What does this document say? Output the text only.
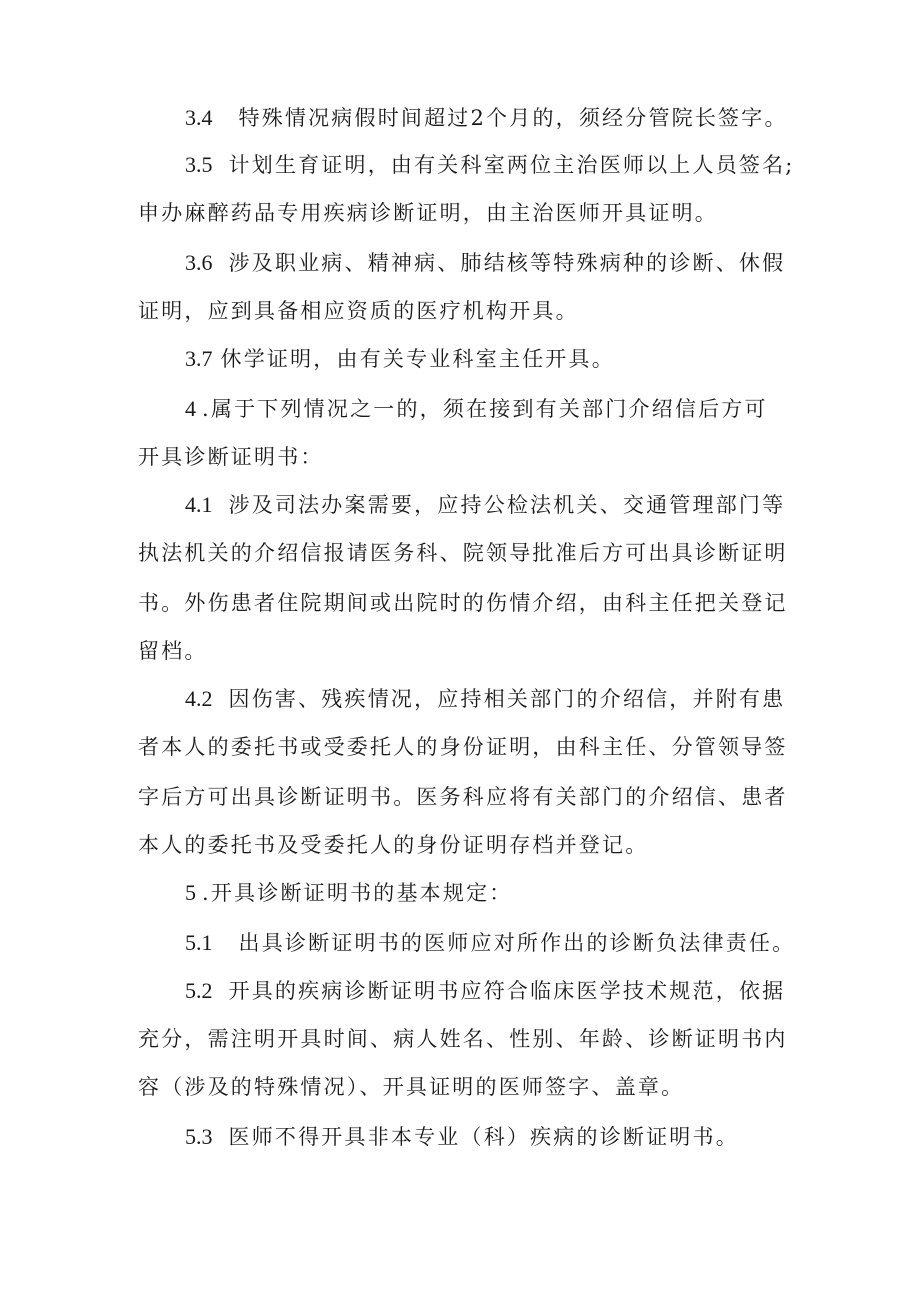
3.4 特殊情况病假时间超过2个月的，须经分管院长签字。
3.5 计划生育证明，由有关科室两位主治医师以上人员签名;
申办麻醉药品专用疾病诊断证明，由主治医师开具证明。
3.6 涉及职业病、精神病、肺结核等特殊病种的诊断、休假
证明，应到具备相应资质的医疗机构开具。
3.7 休学证明，由有关专业科室主任开具。
4 .属于下列情况之一的，须在接到有关部门介绍信后方可
开具诊断证明书：
4.1 涉及司法办案需要，应持公检法机关、交通管理部门等
执法机关的介绍信报请医务科、院领导批准后方可出具诊断证明
书。外伤患者住院期间或出院时的伤情介绍，由科主任把关登记
留档。
4.2 因伤害、残疾情况，应持相关部门的介绍信，并附有患
者本人的委托书或受委托人的身份证明，由科主任、分管领导签
字后方可出具诊断证明书。医务科应将有关部门的介绍信、患者
本人的委托书及受委托人的身份证明存档并登记。
5 .开具诊断证明书的基本规定：
5.1 出具诊断证明书的医师应对所作出的诊断负法律责任。
5.2 开具的疾病诊断证明书应符合临床医学技术规范，依据
充分，需注明开具时间、病人姓名、性别、年龄、诊断证明书内
容（涉及的特殊情况）、开具证明的医师签字、盖章。
5.3 医师不得开具非本专业（科）疾病的诊断证明书。
